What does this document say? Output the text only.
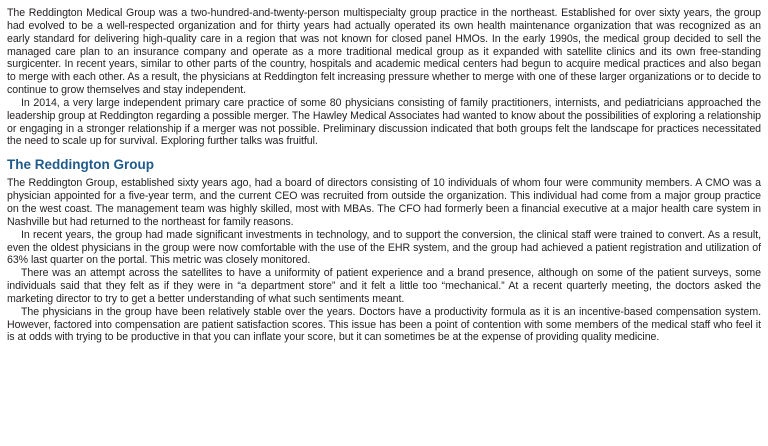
The Reddington Medical Group was a two-hundred-and-twenty-person multispecialty group practice in the northeast. Established for over sixty years, the group had evolved to be a well-respected organization and for thirty years had actually operated its own health maintenance organization that was recognized as an early standard for delivering high-quality care in a region that was not known for closed panel HMOs. In the early 1990s, the medical group decided to sell the managed care plan to an insurance company and operate as a more traditional medical group as it expanded with satellite clinics and its own free-standing surgicenter. In recent years, similar to other parts of the country, hospitals and academic medical centers had begun to acquire medical practices and also began to merge with each other. As a result, the physicians at Reddington felt increasing pressure whether to merge with one of these larger organizations or to decide to continue to grow themselves and stay independent.

In 2014, a very large independent primary care practice of some 80 physicians consisting of family practitioners, internists, and pediatricians approached the leadership group at Reddington regarding a possible merger. The Hawley Medical Associates had wanted to know about the possibilities of exploring a relationship or engaging in a stronger relationship if a merger was not possible. Preliminary discussion indicated that both groups felt the landscape for practices necessitated the need to scale up for survival. Exploring further talks was fruitful.

The Reddington Group

The Reddington Group, established sixty years ago, had a board of directors consisting of 10 individuals of whom four were community members. A CMO was a physician appointed for a five-year term, and the current CEO was recruited from outside the organization. This individual had come from a major group practice on the west coast. The management team was highly skilled, most with MBAs. The CFO had formerly been a financial executive at a major health care system in Nashville but had returned to the northeast for family reasons.

In recent years, the group had made significant investments in technology, and to support the conversion, the clinical staff were trained to convert. As a result, even the oldest physicians in the group were now comfortable with the use of the EHR system, and the group had achieved a patient registration and utilization of 63% last quarter on the portal. This metric was closely monitored.

There was an attempt across the satellites to have a uniformity of patient experience and a brand presence, although on some of the patient surveys, some individuals said that they felt as if they were in “a department store” and it felt a little too “mechanical.” At a recent quarterly meeting, the doctors asked the marketing director to try to get a better understanding of what such sentiments meant.

The physicians in the group have been relatively stable over the years. Doctors have a productivity formula as it is an incentive-based compensation system. However, factored into compensation are patient satisfaction scores. This issue has been a point of contention with some members of the medical staff who feel it is at odds with trying to be productive in that you can inflate your score, but it can sometimes be at the expense of providing quality medicine.
